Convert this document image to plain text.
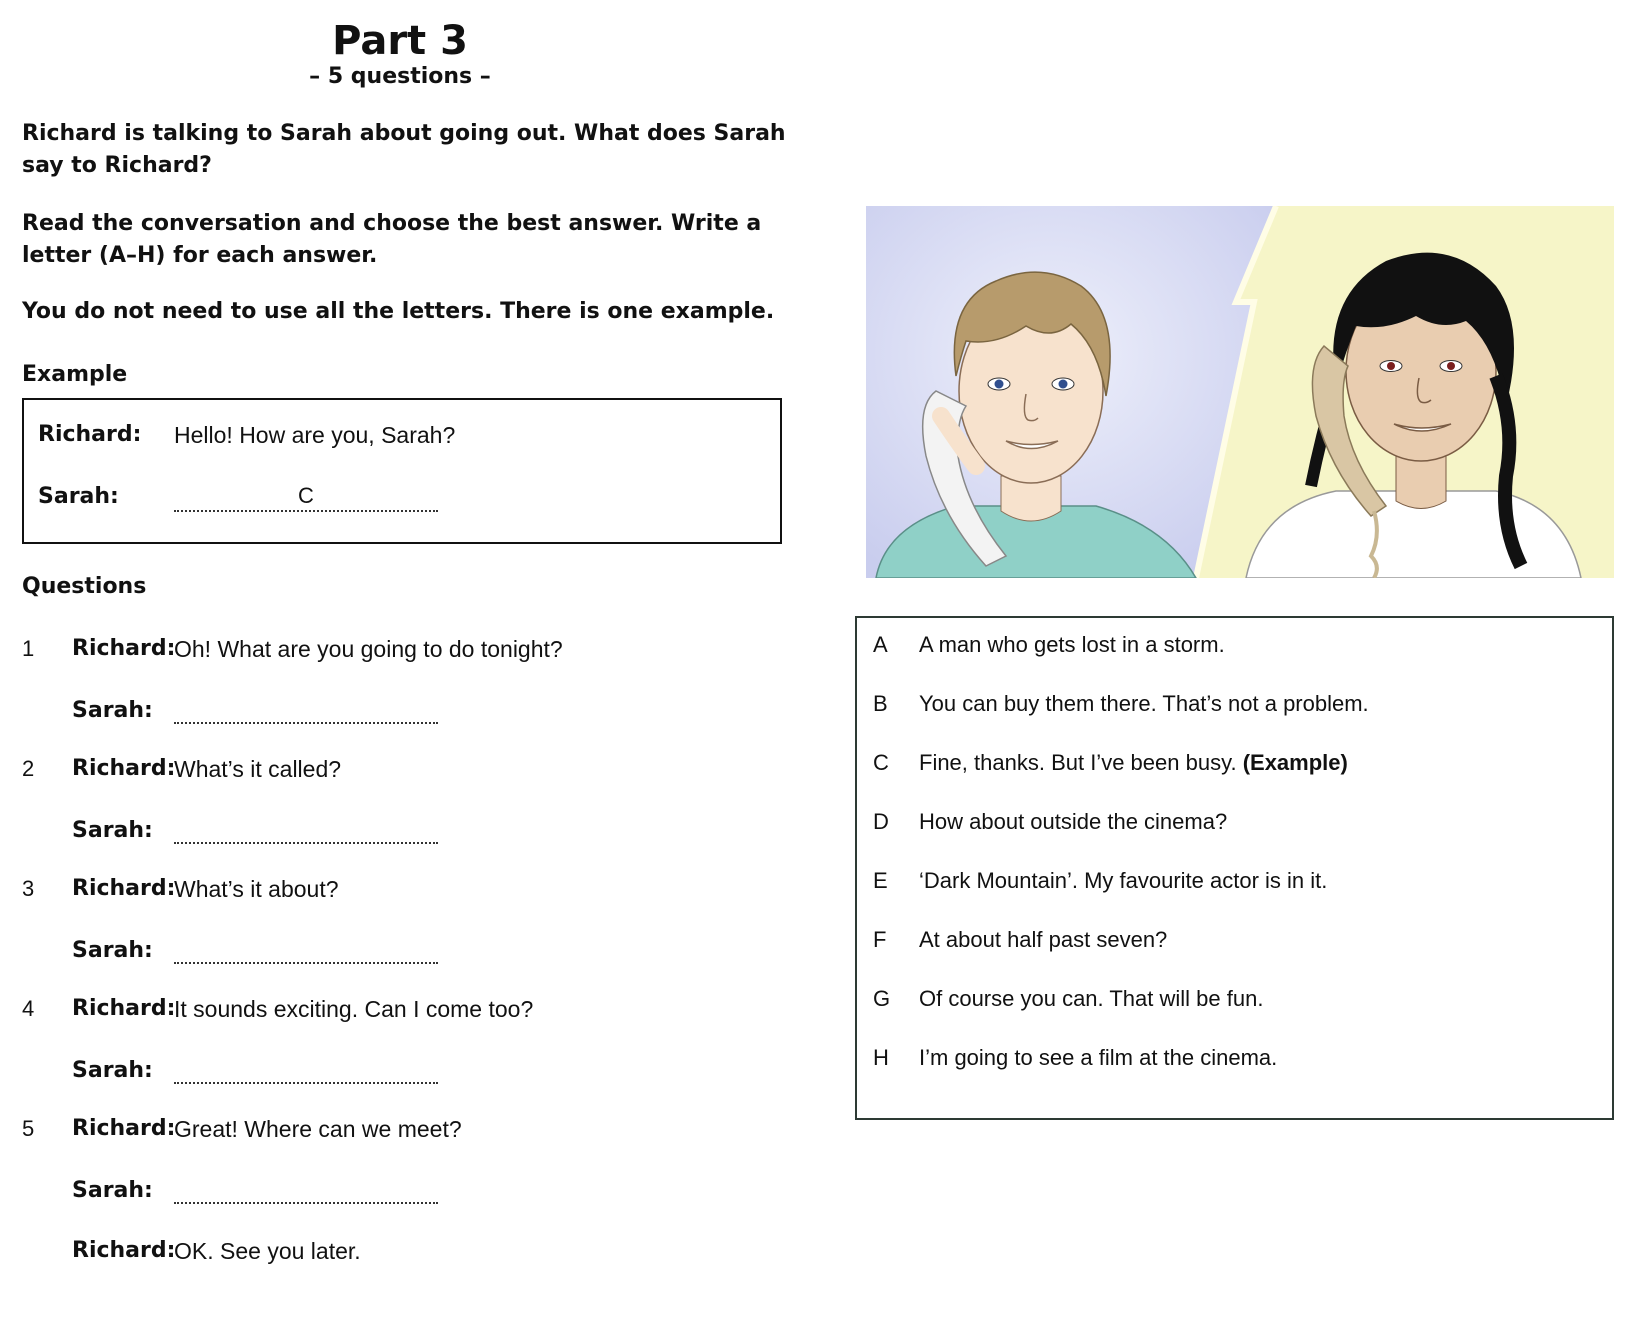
Part 3
– 5 questions –
Richard is talking to Sarah about going out. What does Sarah say to Richard?
Read the conversation and choose the best answer. Write a letter (A–H) for each answer.
You do not need to use all the letters. There is one example.
Example
Richard: Hello! How are you, Sarah?
Sarah:	C
Questions
1 Richard:
Oh! What are you going to do tonight?
Sarah:
2 Richard:
What’s it called?
Sarah:
3 Richard:
What’s it about?
Sarah:
4 Richard:
It sounds exciting. Can I come too?
Sarah:
5 Richard:
Great! Where can we meet?
Sarah:
Richard:
OK. See you later.
A A man who gets lost in a storm.
B You can buy them there. That’s not a problem.
C Fine, thanks. But I’ve been busy. (Example)
D How about outside the cinema?
E ‘Dark Mountain’. My favourite actor is in it.
F At about half past seven?
G Of course you can. That will be fun.
H I’m going to see a film at the cinema.
